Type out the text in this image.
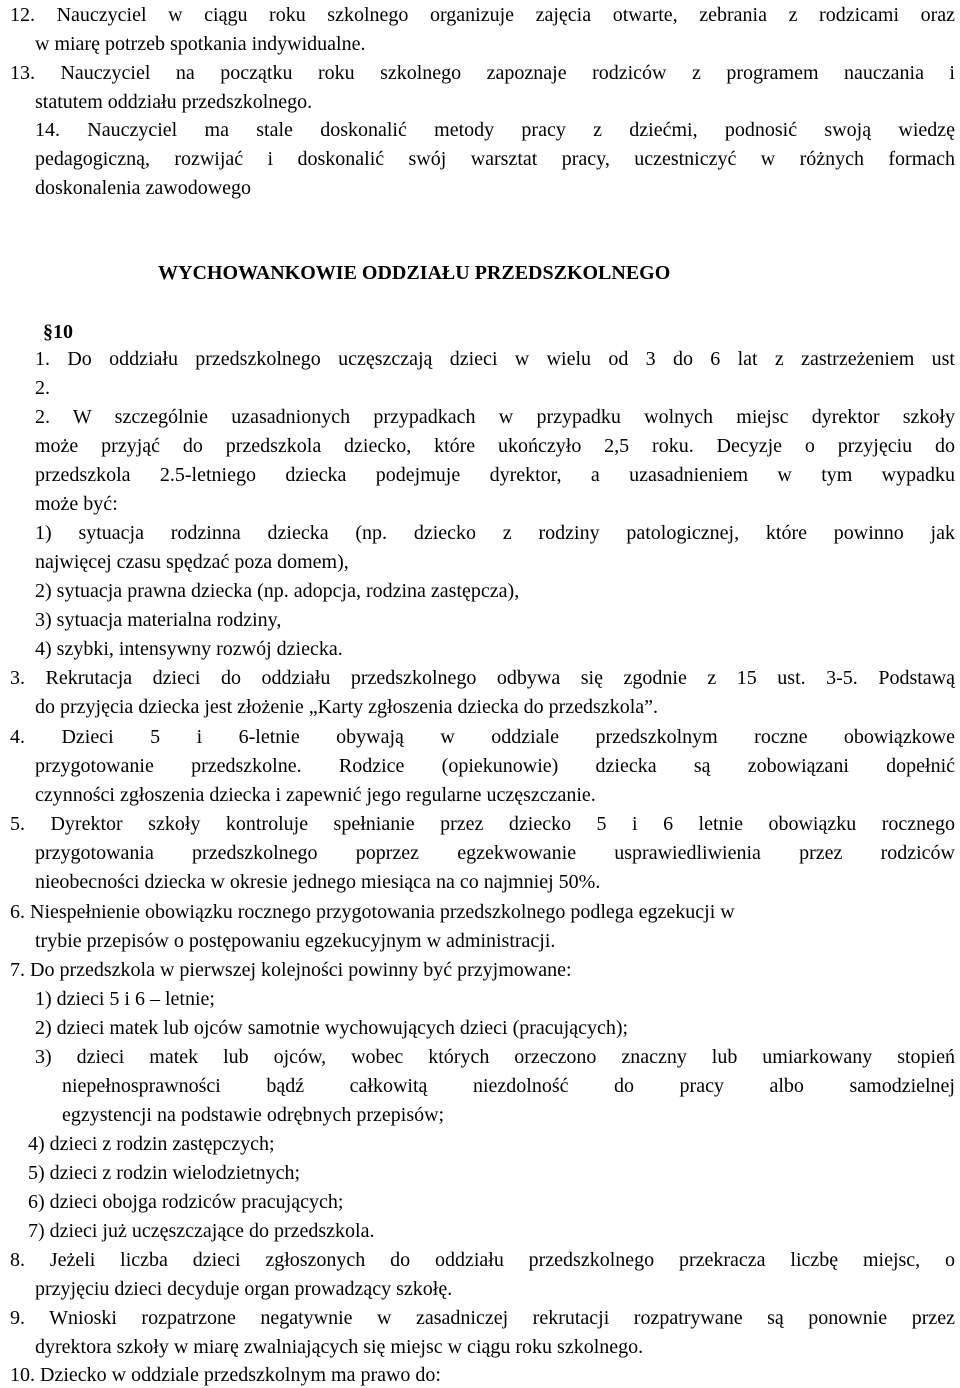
12. Nauczyciel w ciągu roku szkolnego organizuje zajęcia otwarte, zebrania z rodzicami oraz
w miarę potrzeb spotkania indywidualne.
13. Nauczyciel na początku roku szkolnego zapoznaje rodziców z programem nauczania i
statutem oddziału przedszkolnego.
14. Nauczyciel ma stale doskonalić metody pracy z dziećmi, podnosić swoją wiedzę
pedagogiczną, rozwijać i doskonalić swój warsztat pracy, uczestniczyć w różnych formach
doskonalenia zawodowego
WYCHOWANKOWIE ODDZIAŁU PRZEDSZKOLNEGO
§10
1. Do oddziału przedszkolnego uczęszczają dzieci w wielu od 3 do 6 lat z zastrzeżeniem ust
2.
2. W szczególnie uzasadnionych przypadkach w przypadku wolnych miejsc dyrektor szkoły
może przyjąć do przedszkola dziecko, które ukończyło 2,5 roku. Decyzje o przyjęciu do
przedszkola 2.5-letniego dziecka podejmuje dyrektor, a uzasadnieniem w tym wypadku
może być:
1) sytuacja rodzinna dziecka (np. dziecko z rodziny patologicznej, które powinno jak
najwięcej czasu spędzać poza domem),
2) sytuacja prawna dziecka (np. adopcja, rodzina zastępcza),
3) sytuacja materialna rodziny,
4) szybki, intensywny rozwój dziecka.
3. Rekrutacja dzieci do oddziału przedszkolnego odbywa się zgodnie z 15 ust. 3-5. Podstawą
do przyjęcia dziecka jest złożenie „Karty zgłoszenia dziecka do przedszkola”.
4. Dzieci 5 i 6-letnie obywają w oddziale przedszkolnym roczne obowiązkowe
przygotowanie przedszkolne. Rodzice (opiekunowie) dziecka są zobowiązani dopełnić
czynności zgłoszenia dziecka i zapewnić jego regularne uczęszczanie.
5. Dyrektor szkoły kontroluje spełnianie przez dziecko 5 i 6 letnie obowiązku rocznego
przygotowania przedszkolnego poprzez egzekwowanie usprawiedliwienia przez rodziców
nieobecności dziecka w okresie jednego miesiąca na co najmniej 50%.
6. Niespełnienie obowiązku rocznego przygotowania przedszkolnego podlega egzekucji w
trybie przepisów o postępowaniu egzekucyjnym w administracji.
7. Do przedszkola w pierwszej kolejności powinny być przyjmowane:
1) dzieci 5 i 6 – letnie;
2) dzieci matek lub ojców samotnie wychowujących dzieci (pracujących);
3) dzieci matek lub ojców, wobec których orzeczono znaczny lub umiarkowany stopień
niepełnosprawności bądź całkowitą niezdolność do pracy albo samodzielnej
egzystencji na podstawie odrębnych przepisów;
4) dzieci z rodzin zastępczych;
5) dzieci z rodzin wielodzietnych;
6) dzieci obojga rodziców pracujących;
7) dzieci już uczęszczające do przedszkola.
8. Jeżeli liczba dzieci zgłoszonych do oddziału przedszkolnego przekracza liczbę miejsc, o
przyjęciu dzieci decyduje organ prowadzący szkołę.
9. Wnioski rozpatrzone negatywnie w zasadniczej rekrutacji rozpatrywane są ponownie przez
dyrektora szkoły w miarę zwalniających się miejsc w ciągu roku szkolnego.
10. Dziecko w oddziale przedszkolnym ma prawo do:
